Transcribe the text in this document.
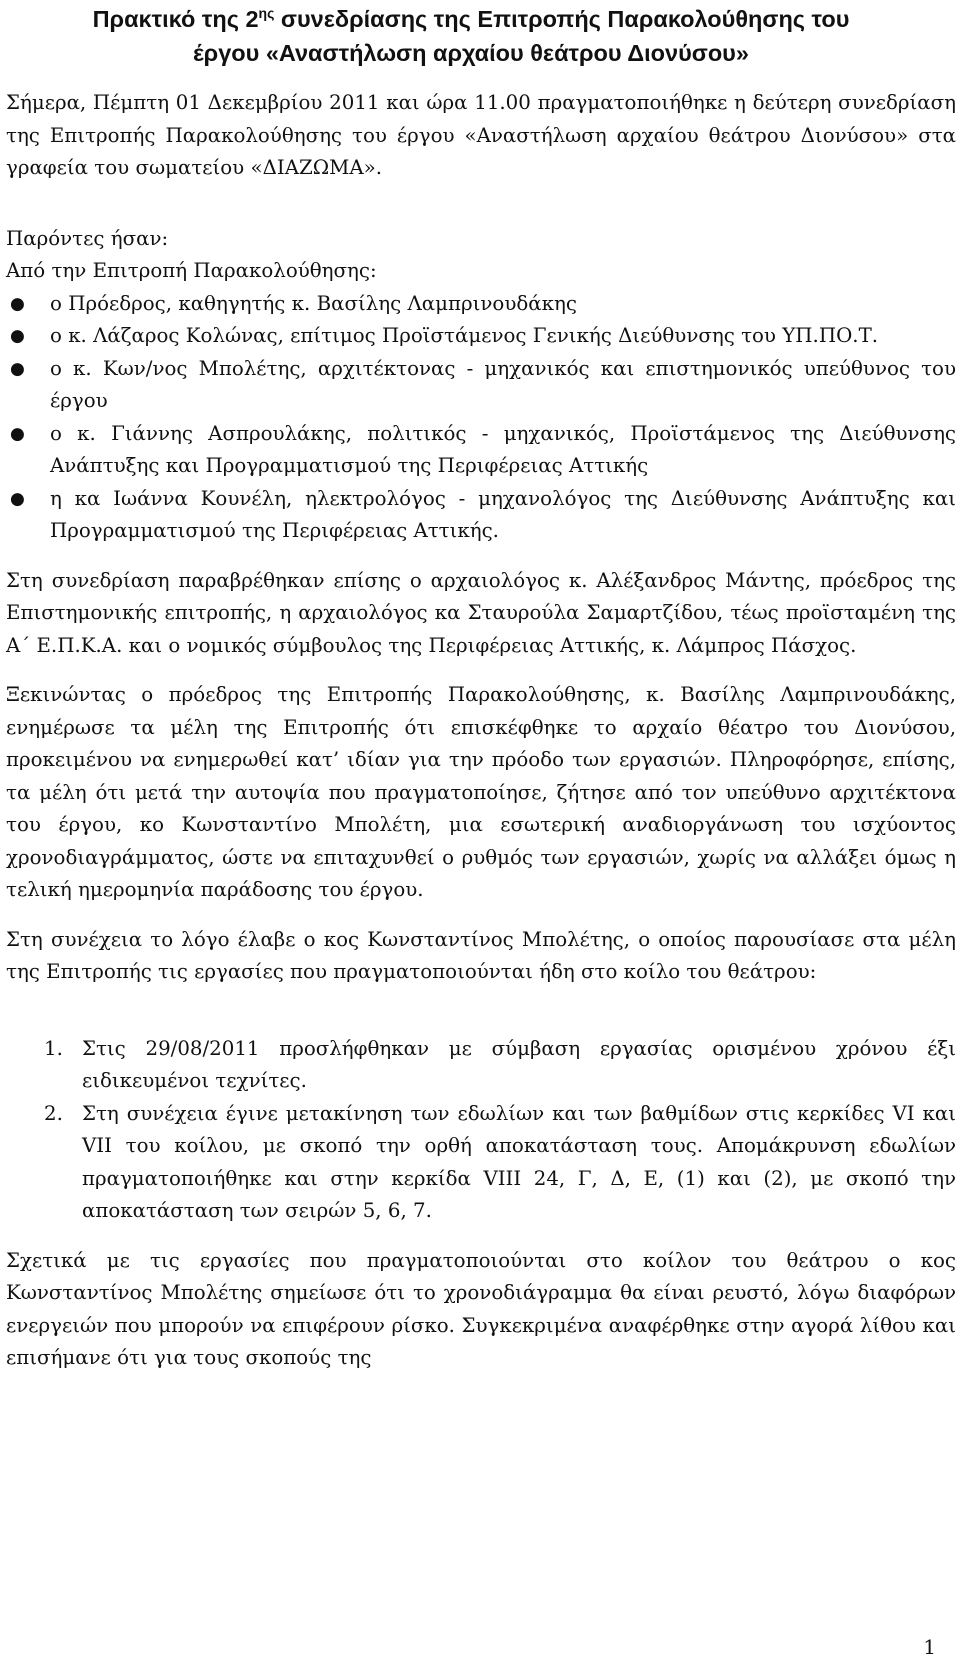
Πρακτικό της $2^{\eta\varsigma}$ συνεδρίασης της Επιτροπής Παρακολούθησης του
έργου «Αναστήλωση αρχαίου θεάτρου Διονύσου»

Σήμερα, Πέμπτη 01 Δεκεμβρίου 2011 και ώρα 11.00 πραγματοποιήθηκε η δεύτερη συνεδρίαση της Επιτροπής Παρακολούθησης του έργου «Αναστήλωση αρχαίου θεάτρου Διονύσου» στα γραφεία του σωματείου «ΔΙΑΖΩΜΑ».

Παρόντες ήσαν:

Από την Επιτροπή Παρακολούθησης:

● ο Πρόεδρος, καθηγητής κ. Βασίλης Λαμπρινουδάκης
● ο κ. Λάζαρος Κολώνας, επίτιμος Προϊστάμενος Γενικής Διεύθυνσης του ΥΠ.ΠΟ.Τ.
● ο κ. Κων/νος Μπολέτης, αρχιτέκτονας - μηχανικός και επιστημονικός υπεύθυνος του έργου
● ο κ. Γιάννης Ασπρουλάκης, πολιτικός - μηχανικός, Προϊστάμενος της Διεύθυνσης Ανάπτυξης και Προγραμματισμού της Περιφέρειας Αττικής
● η κα Ιωάννα Κουνέλη, ηλεκτρολόγος - μηχανολόγος της Διεύθυνσης Ανάπτυξης και Προγραμματισμού της Περιφέρειας Αττικής.

Στη συνεδρίαση παραβρέθηκαν επίσης ο αρχαιολόγος κ. Αλέξανδρος Μάντης, πρόεδρος της Επιστημονικής επιτροπής, η αρχαιολόγος κα Σταυρούλα Σαμαρτζίδου, τέως προϊσταμένη της Α΄ Ε.Π.Κ.Α. και ο νομικός σύμβουλος της Περιφέρειας Αττικής, κ. Λάμπρος Πάσχος.

Ξεκινώντας ο πρόεδρος της Επιτροπής Παρακολούθησης, κ. Βασίλης Λαμπρινουδάκης, ενημέρωσε τα μέλη της Επιτροπής ότι επισκέφθηκε το αρχαίο θέατρο του Διονύσου, προκειμένου να ενημερωθεί κατ’ ιδίαν για την πρόοδο των εργασιών. Πληροφόρησε, επίσης, τα μέλη ότι μετά την αυτοψία που πραγματοποίησε, ζήτησε από τον υπεύθυνο αρχιτέκτονα του έργου, κο Κωνσταντίνο Μπολέτη, μια εσωτερική αναδιοργάνωση του ισχύοντος χρονοδιαγράμματος, ώστε να επιταχυνθεί ο ρυθμός των εργασιών, χωρίς να αλλάξει όμως η τελική ημερομηνία παράδοσης του έργου.

Στη συνέχεια το λόγο έλαβε ο κος Κωνσταντίνος Μπολέτης, ο οποίος παρουσίασε στα μέλη της Επιτροπής τις εργασίες που πραγματοποιούνται ήδη στο κοίλο του θεάτρου:

1. Στις 29/08/2011 προσλήφθηκαν με σύμβαση εργασίας ορισμένου χρόνου έξι ειδικευμένοι τεχνίτες.
2. Στη συνέχεια έγινε μετακίνηση των εδωλίων και των βαθμίδων στις κερκίδες VI και VII του κοίλου, με σκοπό την ορθή αποκατάσταση τους. Απομάκρυνση εδωλίων πραγματοποιήθηκε και στην κερκίδα VIII 24, Γ, Δ, Ε, (1) και (2), με σκοπό την αποκατάσταση των σειρών 5, 6, 7.

Σχετικά με τις εργασίες που πραγματοποιούνται στο κοίλον του θεάτρου ο κος Κωνσταντίνος Μπολέτης σημείωσε ότι το χρονοδιάγραμμα θα είναι ρευστό, λόγω διαφόρων ενεργειών που μπορούν να επιφέρουν ρίσκο. Συγκεκριμένα αναφέρθηκε στην αγορά λίθου και επισήμανε ότι για τους σκοπούς της

1
